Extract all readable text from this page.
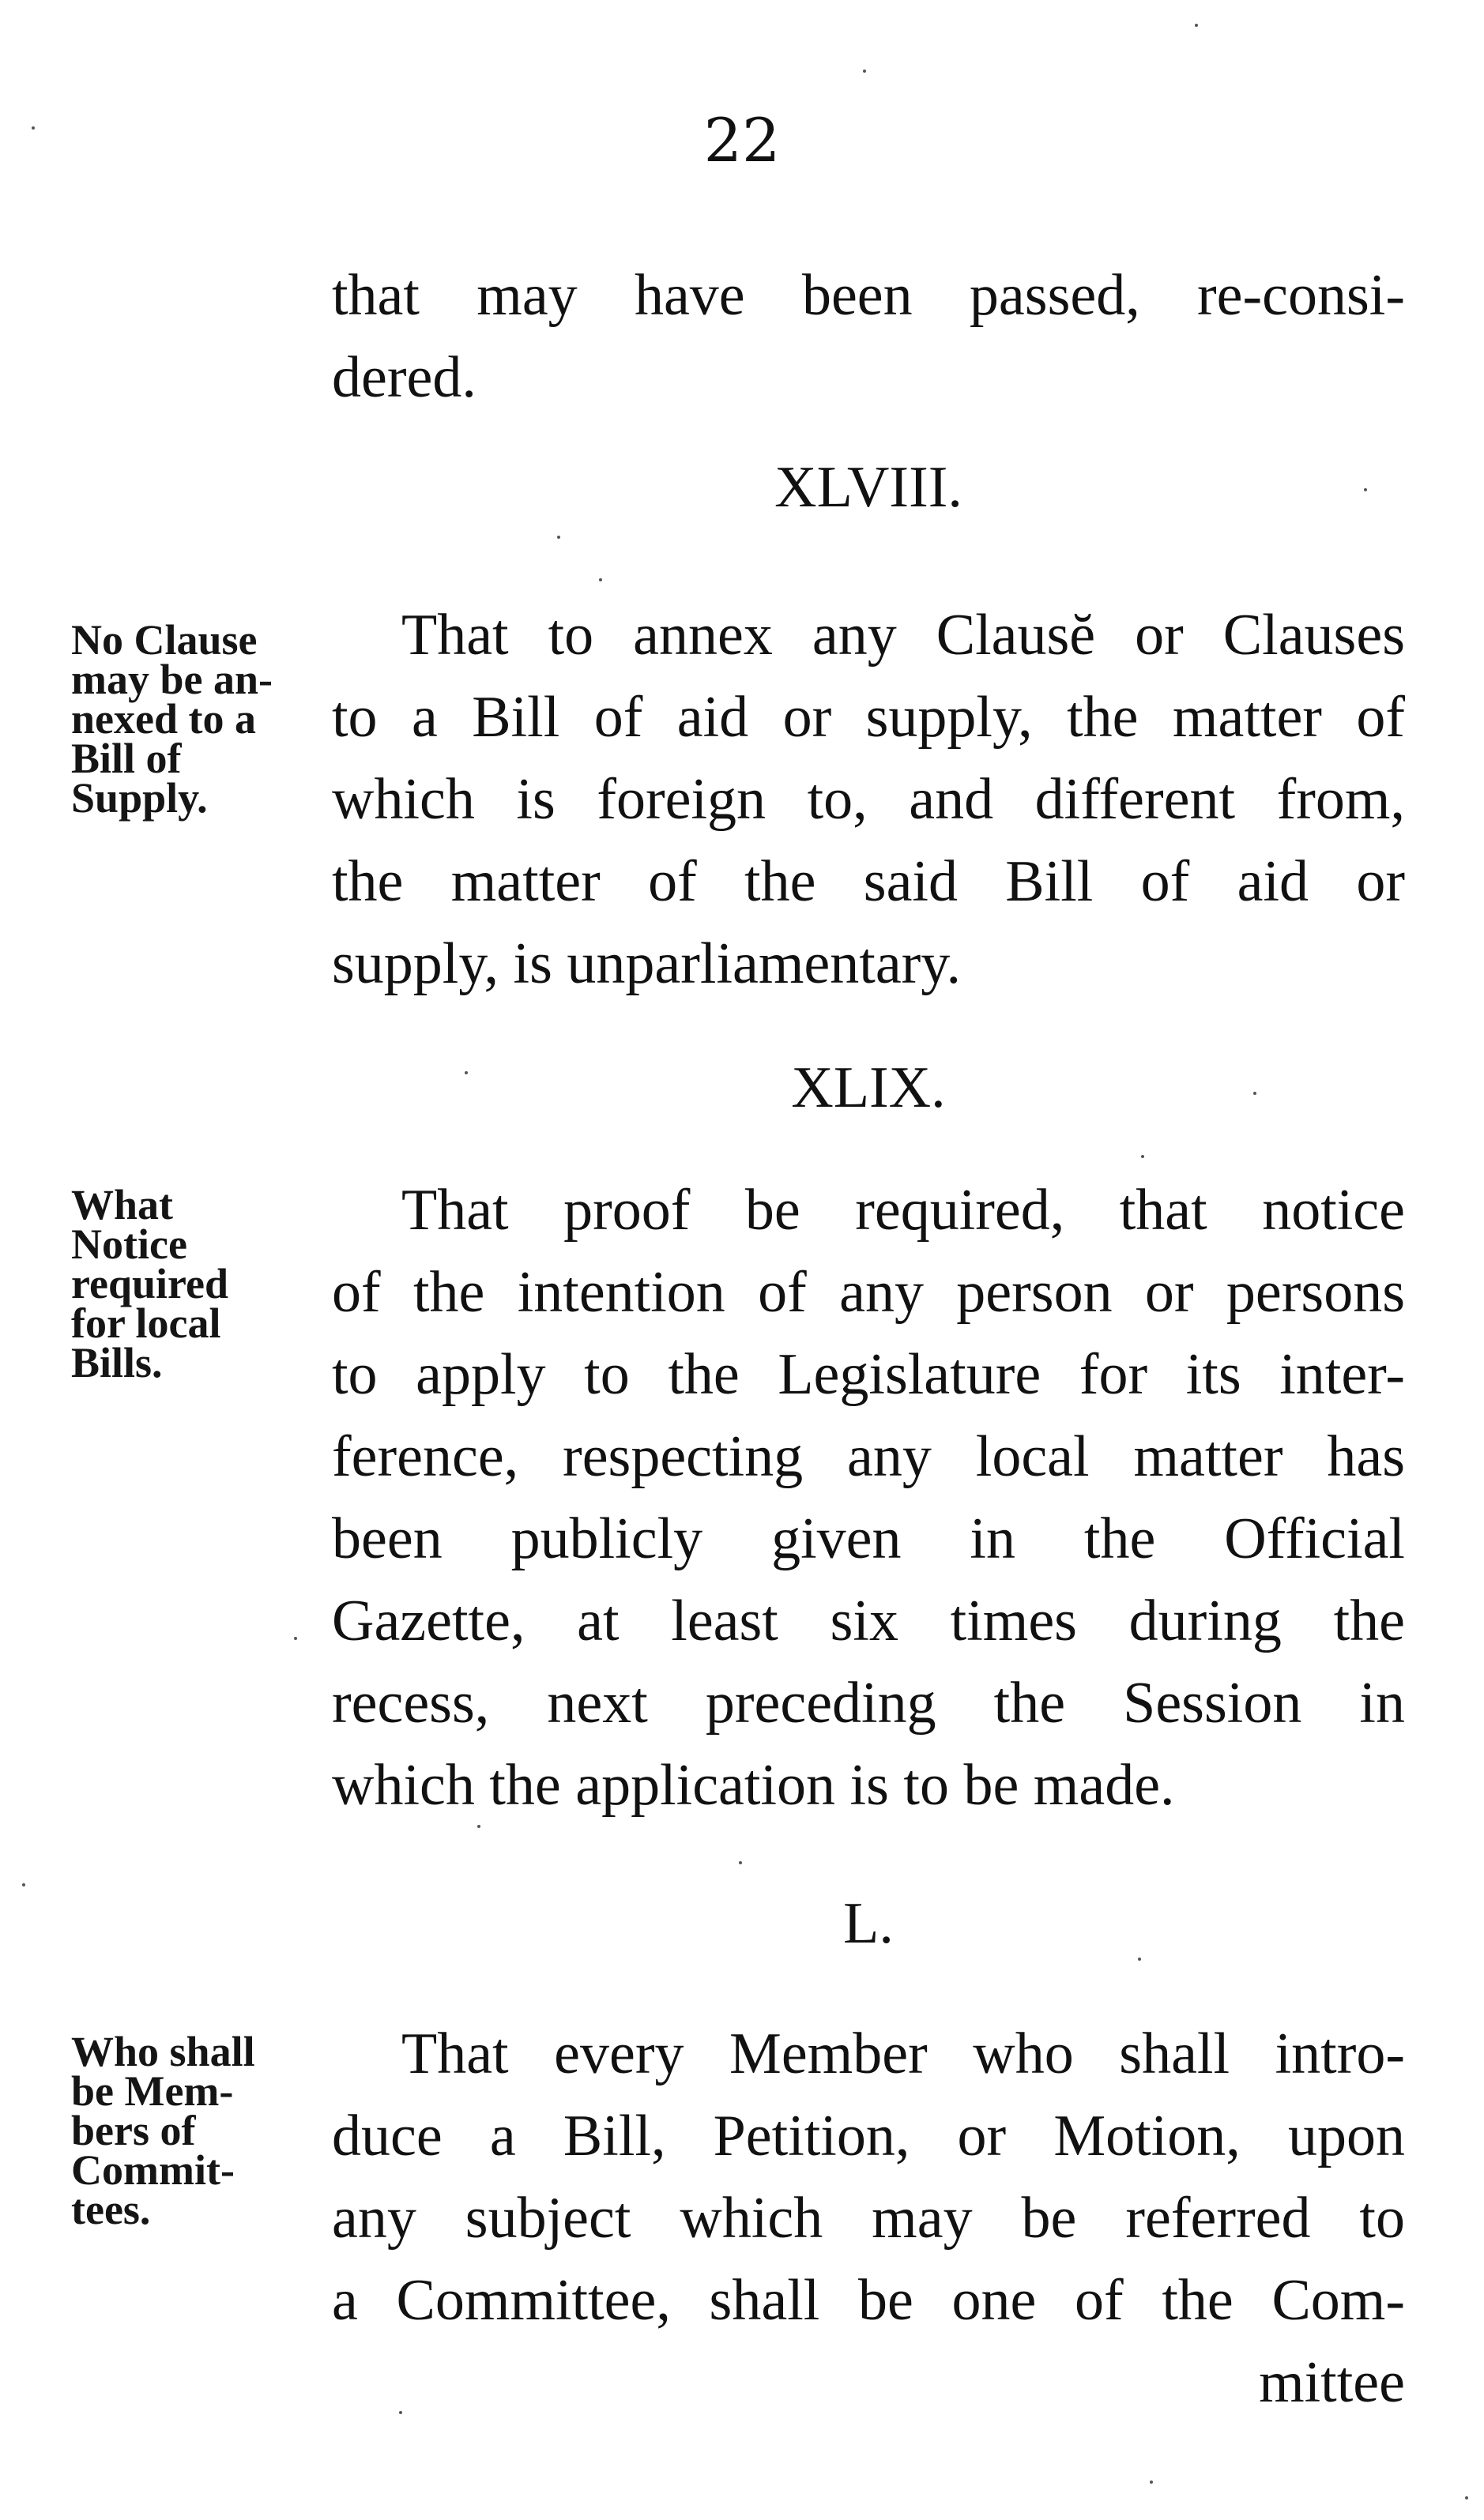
22
that may have been passed, re-consi-
dered.
XLVIII.
No Clause
may be an-
nexed to a
Bill of
Supply.
That to annex any Clausĕ or Clauses
to a Bill of aid or supply, the matter of
which is foreign to, and different from,
the matter of the said Bill of aid or
supply, is unparliamentary.
XLIX.
What
Notice
required
for local
Bills.
That proof be required, that notice
of the intention of any person or persons
to apply to the Legislature for its inter-
ference, respecting any local matter has
been publicly given in the Official
Gazette, at least six times during the
recess, next preceding the Session in
which the application is to be made.
L.
Who shall
be Mem-
bers of
Commit-
tees.
That every Member who shall intro-
duce a Bill, Petition, or Motion, upon
any subject which may be referred to
a Committee, shall be one of the Com-
mittee
